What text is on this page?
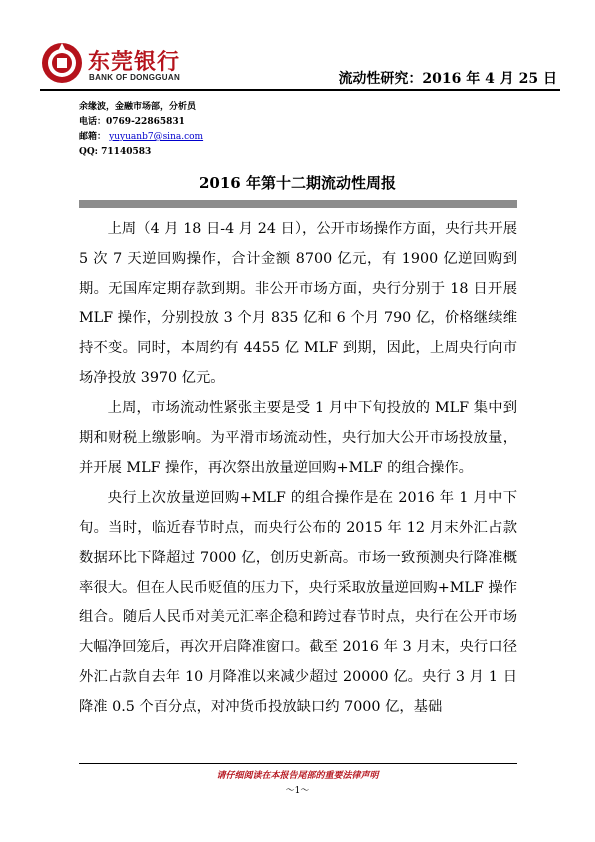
东莞银行
BANK OF DONGGUAN	流动性研究：2016 年 4 月 25 日
余缘波，金融市场部，分析员
电话：0769-22865831
邮箱： yuyuanb7@sina.com
QQ: 71140583
2016 年第十二期流动性周报

上周（4 月 18 日-4 月 24 日），公开市场操作方面，央行共开展 5 次 7 天逆回购操作，合计金额 8700 亿元，有 1900 亿逆回购到期。无国库定期存款到期。非公开市场方面，央行分别于 18 日开展 MLF 操作，分别投放 3 个月 835 亿和 6 个月 790 亿，价格继续维持不变。同时，本周约有 4455 亿 MLF 到期，因此，上周央行向市场净投放 3970 亿元。

上周，市场流动性紧张主要是受 1 月中下旬投放的 MLF 集中到期和财税上缴影响。为平滑市场流动性，央行加大公开市场投放量，并开展 MLF 操作，再次祭出放量逆回购+MLF 的组合操作。

央行上次放量逆回购+MLF 的组合操作是在 2016 年 1 月中下旬。当时，临近春节时点，而央行公布的 2015 年 12 月末外汇占款数据环比下降超过 7000 亿，创历史新高。市场一致预测央行降准概率很大。但在人民币贬值的压力下，央行采取放量逆回购+MLF 操作组合。随后人民币对美元汇率企稳和跨过春节时点，央行在公开市场大幅净回笼后，再次开启降准窗口。截至 2016 年 3 月末，央行口径外汇占款自去年 10 月降准以来减少超过 20000 亿。央行 3 月 1 日降准 0.5 个百分点，对冲货币投放缺口约 7000 亿，基础

请仔细阅读在本报告尾部的重要法律声明
～1～
